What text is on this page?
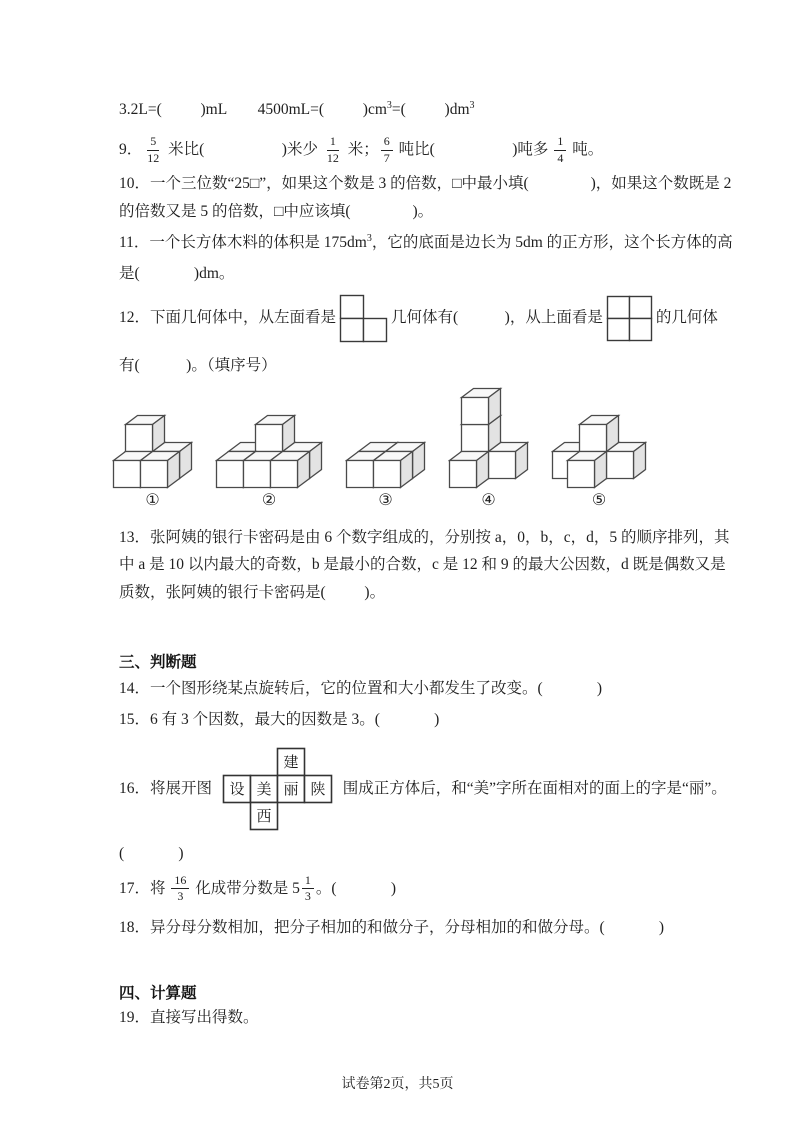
3.2L=(          )mL        4500mL=(          )cm 3 =(          )dm 3
9． $\frac{5}{12}$ 米比(                    )米少 $\frac{1}{12}$ 米； $\frac{6}{7}$ 吨比(                    )吨多 $\frac{1}{4}$ 吨。
10．一个三位数“25□”，如果这个数是 3 的倍数，□中最小填(                )，如果这个数既是 2
的倍数又是 5 的倍数，□中应该填(                )。
11．一个长方体木料的体积是 175dm 3 ，它的底面是边长为 5dm 的正方形，这个长方体的高
是(              )dm。
12．下面几何体中，从左面看是	几何体有(            )，从上面看是	的几何体
有(            )。（填序号）
①	②	③	④	⑤
13．张阿姨的银行卡密码是由 6 个数字组成的，分别按 a，0，b，c，d，5 的顺序排列，其
中 a 是 10 以内最大的奇数，b 是最小的合数，c 是 12 和 9 的最大公因数，d 既是偶数又是
质数，张阿姨的银行卡密码是(          )。
三、判断题
14．一个图形绕某点旋转后，它的位置和大小都发生了改变。(              )
15．6 有 3 个因数，最大的因数是 3。(              )
16．将展开图
建
设 美 丽 陕
西
围成正方体后，和“美”字所在面相对的面上的字是“丽”。
(              )
17．将 $\frac{16}{3}$ 化成带分数是 $5 \frac{1}{3}$ 。(              )
18．异分母分数相加，把分子相加的和做分子，分母相加的和做分母。(              )
四、计算题
19．直接写出得数。
试卷第2页，共5页
